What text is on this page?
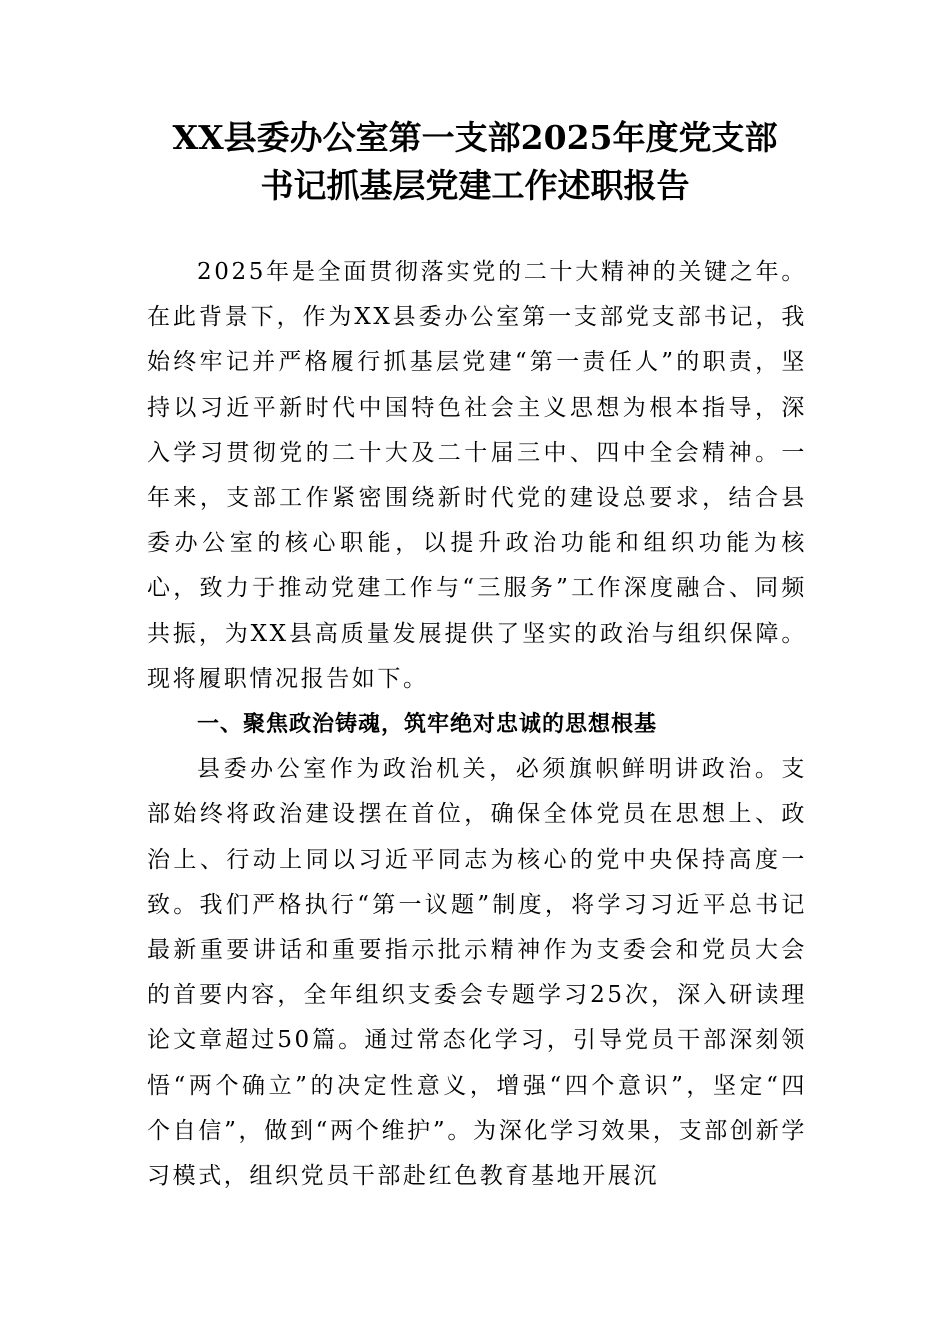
XX县委办公室第一支部2025年度党支部
书记抓基层党建工作述职报告

2025年是全面贯彻落实党的二十大精神的关键之年。在此背景下，作为XX县委办公室第一支部党支部书记，我始终牢记并严格履行抓基层党建“第一责任人”的职责，坚持以习近平新时代中国特色社会主义思想为根本指导，深入学习贯彻党的二十大及二十届三中、四中全会精神。一年来，支部工作紧密围绕新时代党的建设总要求，结合县委办公室的核心职能，以提升政治功能和组织功能为核心，致力于推动党建工作与“三服务”工作深度融合、同频共振，为XX县高质量发展提供了坚实的政治与组织保障。现将履职情况报告如下。

一、聚焦政治铸魂，筑牢绝对忠诚的思想根基

县委办公室作为政治机关，必须旗帜鲜明讲政治。支部始终将政治建设摆在首位，确保全体党员在思想上、政治上、行动上同以习近平同志为核心的党中央保持高度一致。我们严格执行“第一议题”制度，将学习习近平总书记最新重要讲话和重要指示批示精神作为支委会和党员大会的首要内容，全年组织支委会专题学习25次，深入研读理论文章超过50篇。通过常态化学习，引导党员干部深刻领悟“两个确立”的决定性意义，增强“四个意识”，坚定“四个自信”，做到“两个维护”。为深化学习效果，支部创新学习模式，组织党员干部赴红色教育基地开展沉
